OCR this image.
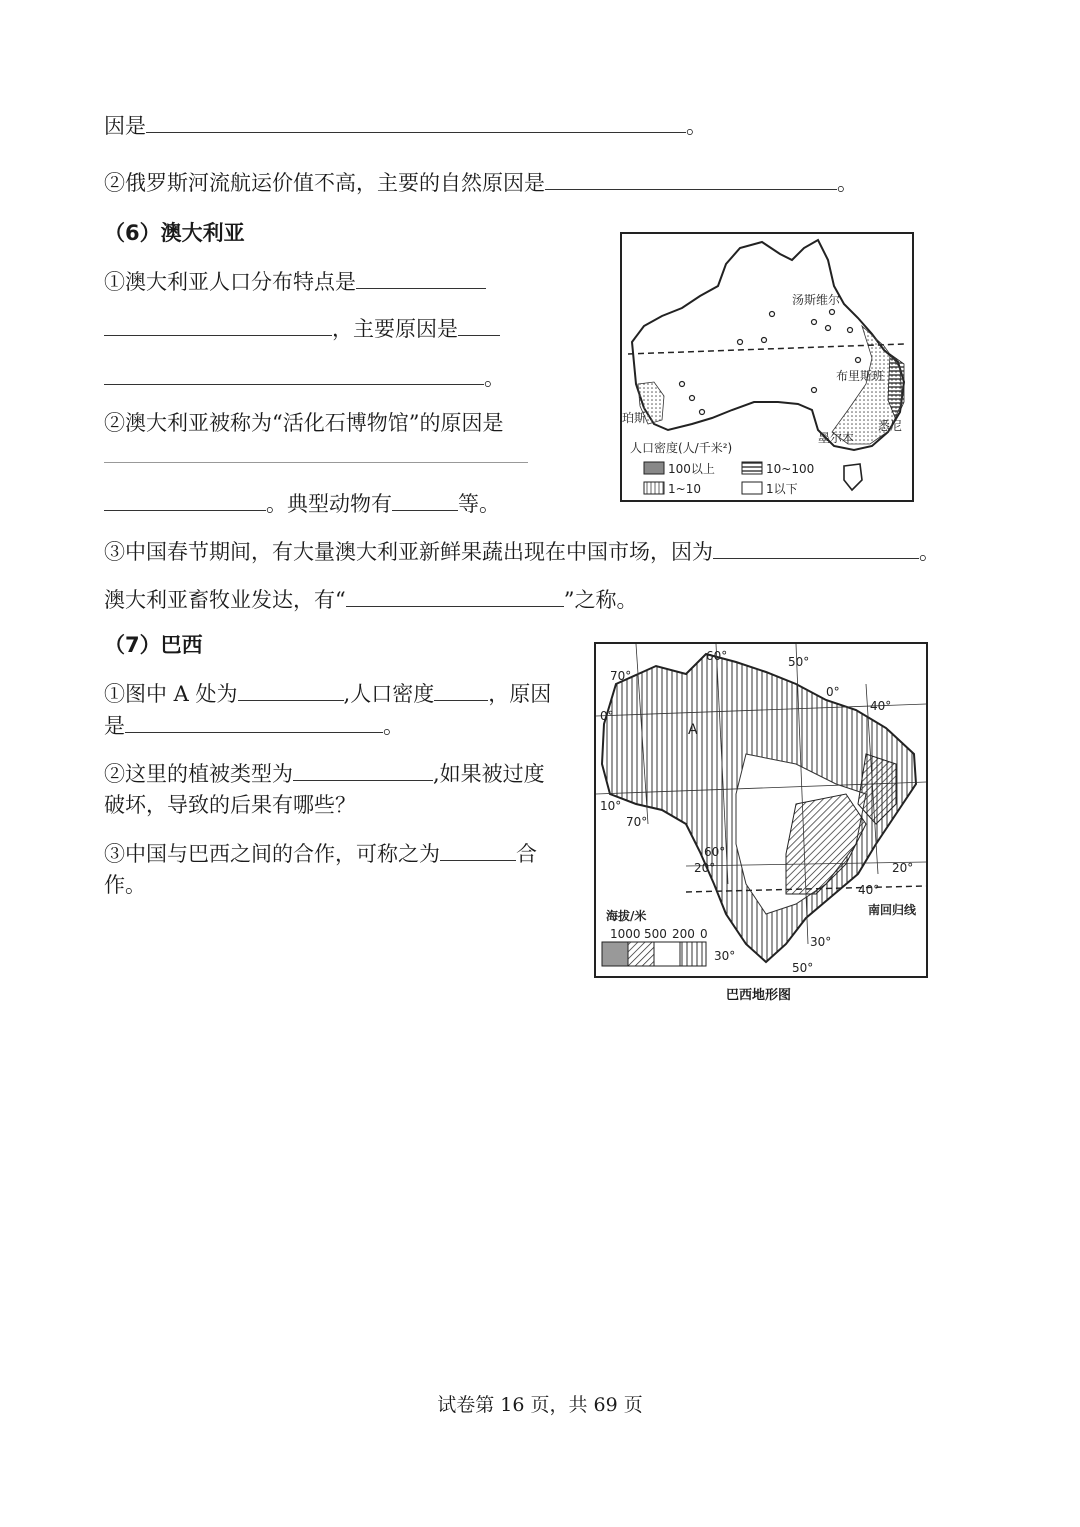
因是	。
②俄罗斯河流航运价值不高，主要的自然原因是	。
（6）澳大利亚
①澳大利亚人口分布特点是
，主要原因是
。
②澳大利亚被称为“活化石博物馆”的原因是
。典型动物有	等。
③中国春节期间，有大量澳大利亚新鲜果蔬出现在中国市场，因为	。
澳大利亚畜牧业发达，有“	”之称。
汤斯维尔
布里斯班
珀斯
墨尔本
悉尼
人口密度(人/千米²)
100以上	10~100
1~10	1以下
（7）巴西
①图中 A 处为	,人口密度	，原因
是	。
②这里的植被类型为	,如果被过度
破坏，导致的后果有哪些？
③中国与巴西之间的合作，可称之为	合
作。
A
60°	50°
70°
0°
40°
0°
10°
70°
60°
20°	20°
40°
30°
30°
50°
南回归线
海拔/米
1000 500 200 0
巴西地形图
试卷第 16 页，共 69 页
